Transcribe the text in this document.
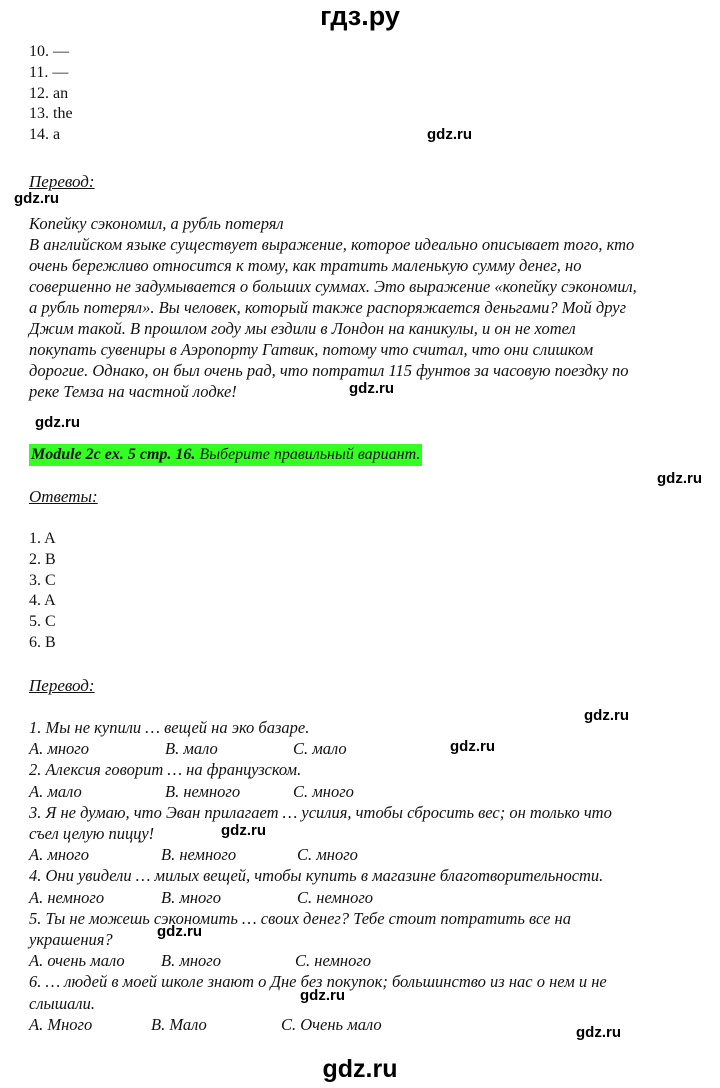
гдз.ру
10. —
11. —
12. an
13. the
14. a
Перевод:
Копейку сэкономил, а рубль потерял
В английском языке существует выражение, которое идеально описывает того, кто
очень бережливо относится к тому, как тратить маленькую сумму денег, но
совершенно не задумывается о больших суммах. Это выражение «копейку сэкономил,
а рубль потерял». Вы человек, который также распоряжается деньгами? Мой друг
Джим такой. В прошлом году мы ездили в Лондон на каникулы, и он не хотел
покупать сувениры в Аэропорту Гатвик, потому что считал, что они слишком
дорогие. Однако, он был очень рад, что потратил 115 фунтов за часовую поездку по
реке Темза на частной лодке!
Module 2c ex. 5 стр. 16. Выберите правильный вариант.
Ответы:
1. A
2. B
3. C
4. A
5. C
6. B
Перевод:
1. Мы не купили … вещей на эко базаре.
A. много	B. мало	C. мало
2. Алексия говорит … на французском.
A. мало	B. немного	C. много
3. Я не думаю, что Эван прилагает … усилия, чтобы сбросить вес; он только что
съел целую пиццу!
A. много	B. немного	C. много
4. Они увидели … милых вещей, чтобы купить в магазине благотворительности.
A. немного	B. много	C. немного
5. Ты не можешь сэкономить … своих денег? Тебе стоит потратить все на
украшения?
A. очень мало B. много	C. немного
6. … людей в моей школе знают о Дне без покупок; большинство из нас о нем и не
слышали.
A. Много	B. Мало	C. Очень мало
gdz.ru
gdz.ru
gdz.ru
gdz.ru
gdz.ru
gdz.ru
gdz.ru
gdz.ru
gdz.ru
gdz.ru
gdz.ru
gdz.ru
